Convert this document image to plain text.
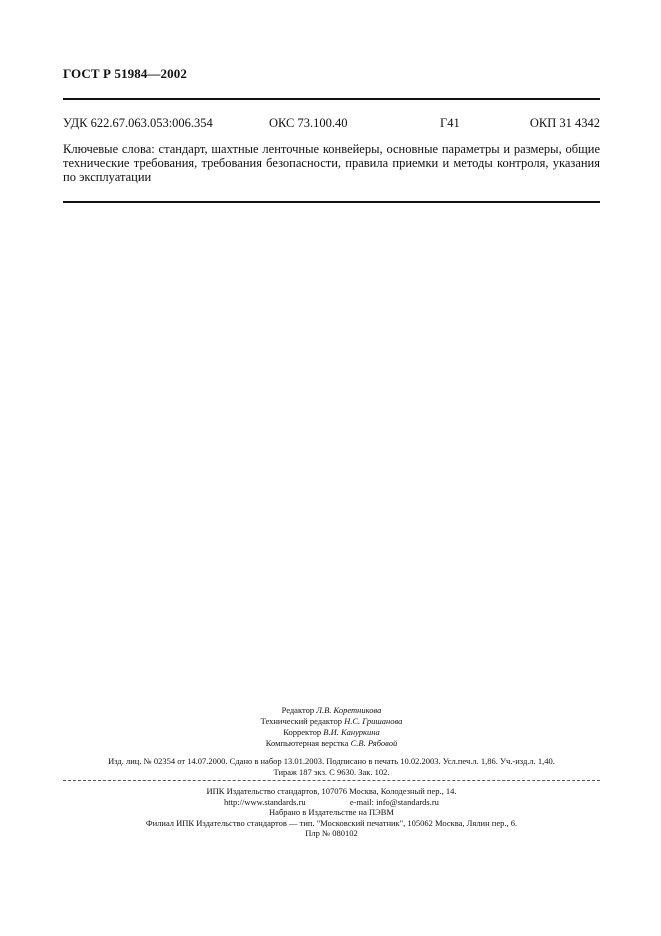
ГОСТ Р 51984—2002
УДК 622.67.063.053:006.354	ОКС 73.100.40	Г41	ОКП 31 4342
Ключевые слова: стандарт, шахтные ленточные конвейеры, основные параметры и размеры, общие
технические требования, требования безопасности, правила приемки и методы контроля, указания
по эксплуатации
Редактор Л.В. Коретникова
Технический редактор Н.С. Гришанова
Корректор В.И. Кануркина
Компьютерная верстка С.В. Рябовой
Изд. лиц. № 02354 от 14.07.2000. Сдано в набор 13.01.2003. Подписано в печать 10.02.2003. Усл.печ.л. 1,86. Уч.-изд.л. 1,40.
Тираж 187 экз. С 9630. Зак. 102.
ИПК Издательство стандартов, 107076 Москва, Колодезный пер., 14.
http://www.standards.ru	e-mail: info@standards.ru
Набрано в Издательстве на ПЭВМ
Филиал ИПК Издательство стандартов — тип. "Московский печатник", 105062 Москва, Лялин пер., 6.
Плр № 080102
